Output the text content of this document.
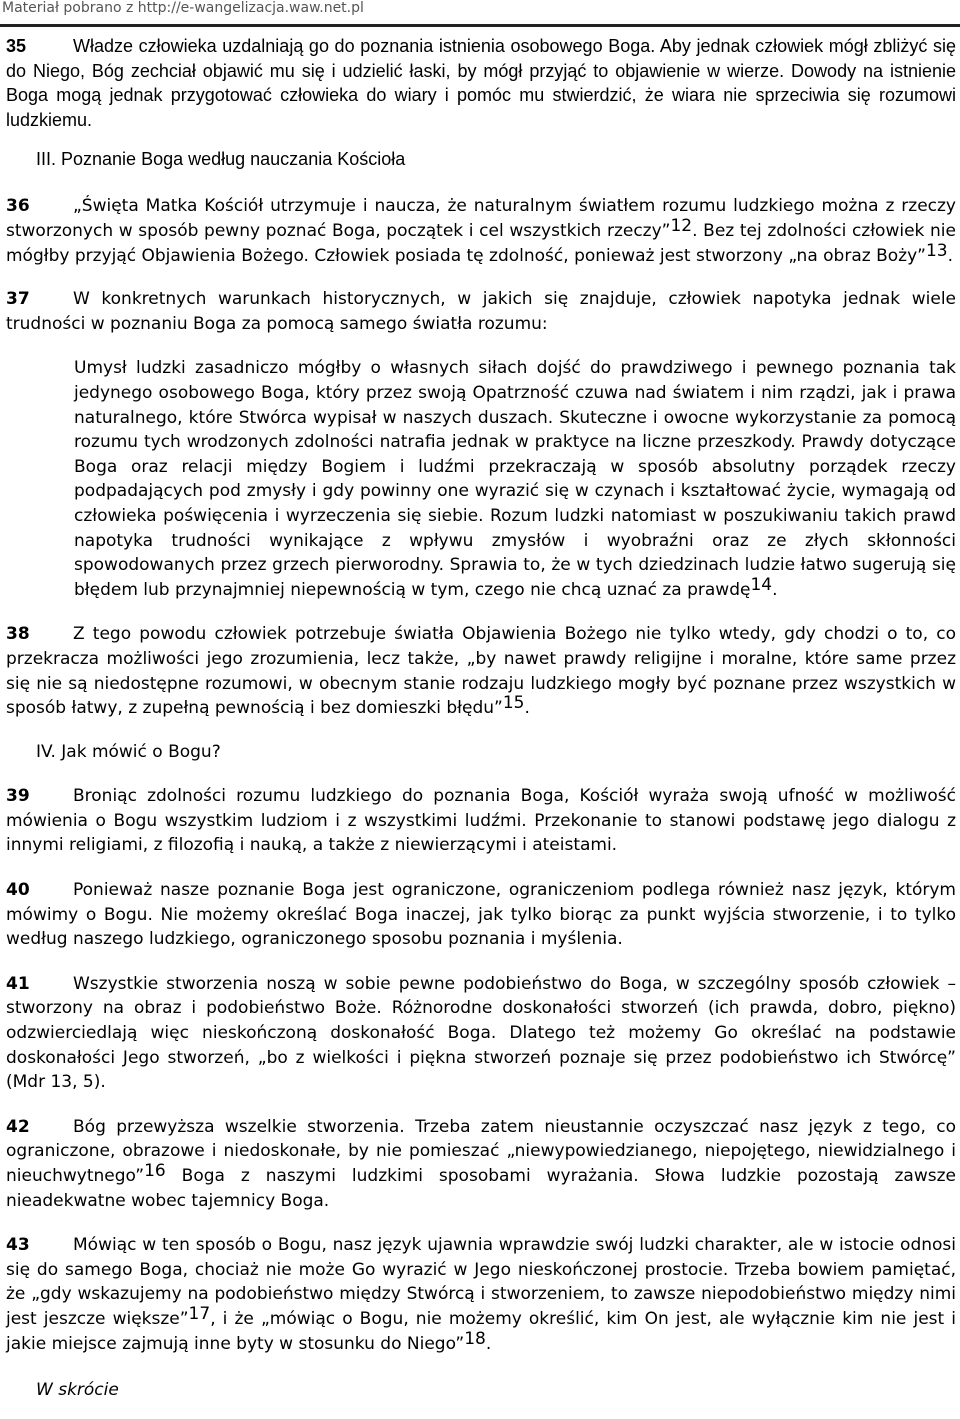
Materiał pobrano z http://e-wangelizacja.waw.net.pl

35	Władze człowieka uzdalniają go do poznania istnienia osobowego Boga. Aby jednak człowiek mógł zbliżyć się do Niego, Bóg zechciał objawić mu się i udzielić łaski, by mógł przyjąć to objawienie w wierze. Dowody na istnienie Boga mogą jednak przygotować człowieka do wiary i pomóc mu stwierdzić, że wiara nie sprzeciwia się rozumowi ludzkiemu.

III. Poznanie Boga według nauczania Kościoła

36	„Święta Matka Kościół utrzymuje i naucza, że naturalnym światłem rozumu ludzkiego można z rzeczy stworzonych w sposób pewny poznać Boga, początek i cel wszystkich rzeczy”$^{12}$. Bez tej zdolności człowiek nie mógłby przyjąć Objawienia Bożego. Człowiek posiada tę zdolność, ponieważ jest stworzony „na obraz Boży”$^{13}$.

37	W konkretnych warunkach historycznych, w jakich się znajduje, człowiek napotyka jednak wiele trudności w poznaniu Boga za pomocą samego światła rozumu:

Umysł ludzki zasadniczo mógłby o własnych siłach dojść do prawdziwego i pewnego poznania tak jedynego osobowego Boga, który przez swoją Opatrzność czuwa nad światem i nim rządzi, jak i prawa naturalnego, które Stwórca wypisał w naszych duszach. Skuteczne i owocne wykorzystanie za pomocą rozumu tych wrodzonych zdolności natrafia jednak w praktyce na liczne przeszkody. Prawdy dotyczące Boga oraz relacji między Bogiem i ludźmi przekraczają w sposób absolutny porządek rzeczy podpadających pod zmysły i gdy powinny one wyrazić się w czynach i kształtować życie, wymagają od człowieka poświęcenia i wyrzeczenia się siebie. Rozum ludzki natomiast w poszukiwaniu takich prawd napotyka trudności wynikające z wpływu zmysłów i wyobraźni oraz ze złych skłonności spowodowanych przez grzech pierworodny. Sprawia to, że w tych dziedzinach ludzie łatwo sugerują się błędem lub przynajmniej niepewnością w tym, czego nie chcą uznać za prawdę$^{14}$.

38	Z tego powodu człowiek potrzebuje światła Objawienia Bożego nie tylko wtedy, gdy chodzi o to, co przekracza możliwości jego zrozumienia, lecz także, „by nawet prawdy religijne i moralne, które same przez się nie są niedostępne rozumowi, w obecnym stanie rodzaju ludzkiego mogły być poznane przez wszystkich w sposób łatwy, z zupełną pewnością i bez domieszki błędu”$^{15}$.

IV. Jak mówić o Bogu?

39	Broniąc zdolności rozumu ludzkiego do poznania Boga, Kościół wyraża swoją ufność w możliwość mówienia o Bogu wszystkim ludziom i z wszystkimi ludźmi. Przekonanie to stanowi podstawę jego dialogu z innymi religiami, z filozofią i nauką, a także z niewierzącymi i ateistami.

40	Ponieważ nasze poznanie Boga jest ograniczone, ograniczeniom podlega również nasz język, którym mówimy o Bogu. Nie możemy określać Boga inaczej, jak tylko biorąc za punkt wyjścia stworzenie, i to tylko według naszego ludzkiego, ograniczonego sposobu poznania i myślenia.

41	Wszystkie stworzenia noszą w sobie pewne podobieństwo do Boga, w szczególny sposób człowiek – stworzony na obraz i podobieństwo Boże. Różnorodne doskonałości stworzeń (ich prawda, dobro, piękno) odzwierciedlają więc nieskończoną doskonałość Boga. Dlatego też możemy Go określać na podstawie doskonałości Jego stworzeń, „bo z wielkości i piękna stworzeń poznaje się przez podobieństwo ich Stwórcę” (Mdr 13, 5).

42	Bóg przewyższa wszelkie stworzenia. Trzeba zatem nieustannie oczyszczać nasz język z tego, co ograniczone, obrazowe i niedoskonałe, by nie pomieszać „niewypowiedzianego, niepojętego, niewidzialnego i nieuchwytnego”$^{16}$ Boga z naszymi ludzkimi sposobami wyrażania. Słowa ludzkie pozostają zawsze nieadekwatne wobec tajemnicy Boga.

43	Mówiąc w ten sposób o Bogu, nasz język ujawnia wprawdzie swój ludzki charakter, ale w istocie odnosi się do samego Boga, chociaż nie może Go wyrazić w Jego nieskończonej prostocie. Trzeba bowiem pamiętać, że „gdy wskazujemy na podobieństwo między Stwórcą i stworzeniem, to zawsze niepodobieństwo między nimi jest jeszcze większe”$^{17}$, i że „mówiąc o Bogu, nie możemy określić, kim On jest, ale wyłącznie kim nie jest i jakie miejsce zajmują inne byty w stosunku do Niego”$^{18}$.

W skrócie
